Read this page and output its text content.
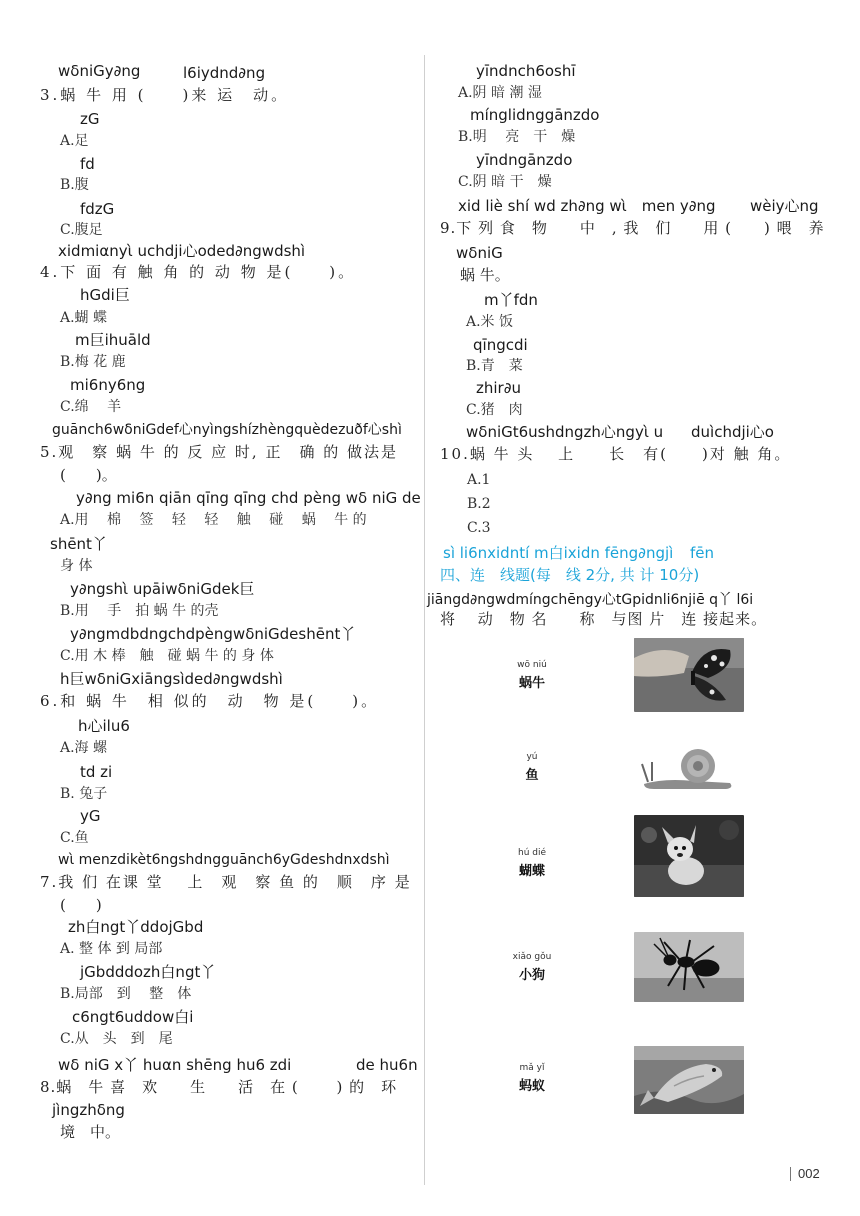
wδniGy∂ng	l6iydnd∂ng
3.蜗 牛 用 (　　)来 运　动。
zG
A.足
fd
B.腹
fdzG
C.腹足
xidmiαnyὶ uchdji心oded∂ngwdshì
4.下 面 有 触 角 的 动 物 是(　　)。
hGdi巨
A.蝴 蝶
m巨ihuāld
B.梅 花 鹿
mi6ny6ng
C.绵　 羊
guānch6wδniGdef心nyìngshízhèngquèdezuðf心shì
5.观　察 蜗 牛 的 反 应 时, 正　确 的 做法是
(　　)。
y∂ng mi6n qiān qīng qīng chd pèng wδ niG de
A.用　 棉　 签　 轻　 轻　 触　 碰　 蜗　 牛 的
shēnt丫
身 体
y∂ngshὶ upāiwδniGdek巨
B.用　 手　拍 蜗 牛 的壳
y∂ngmdbdngchdpèngwδniGdeshēnt丫
C.用 木 棒　触　碰 蜗 牛 的 身 体
h巨wδniGxiāngsìded∂ngwdshì
6.和 蜗 牛　相 似的　动　物 是(　　)。
h心ilu6
A.海 螺
td zi
B. 兔子
yG
C.鱼
wὶ menzdikèt6ngshdngguānch6yGdeshdnxdshì
7.我 们 在课 堂　 上　观　察 鱼 的　顺　序 是
(　　)
zh白ngt丫ddojGbd
A. 整 体 到 局部
jGbdddozh白ngt丫
B.局部　到　 整　体
c6ngt6uddow白i
C.从　头　到　尾
wδ niG x丫 huαn shēng hu6 zdi	de hu6n
8.蜗　牛 喜　欢　　生　　活　在 (　　 ) 的　环
jìngzhδng
境　中。
yīndnch6oshī
A.阴 暗 潮 湿
mínglidnggānzdo
B.明　 亮　干　燥
yīndngānzdo
C.阴 暗 干　燥
xid liè shí wd zh∂ng wὶ　men y∂ng wèiy心ng
9.下 列 食　物　　中　, 我　们　　用 (　　) 喂　养
wδniG
蜗 牛。
m丫fdn
A.米 饭
qīngcdi
B.青　菜
zhir∂u
C.猪　肉
wδniGt6ushdngzh心ngyὶ u duìchdji心o
10.蜗 牛 头　 上　　长　有(　　)对 触 角。
A.1
B.2
C.3
sì li6nxidntí m白ixidn fēng∂ngjì fēn
四、连　线题(每　线 2分, 共 计 10分)
jiāngd∂ngwdmíngchēngy心tGpidnli6njiē q丫 l6i
将　 动　物 名　　称　与图 片　连 接起来。
wō niú
蜗牛
yú
鱼
hú dié
蝴蝶
xiǎo gǒu
小狗
mǎ yǐ
蚂蚁
002
